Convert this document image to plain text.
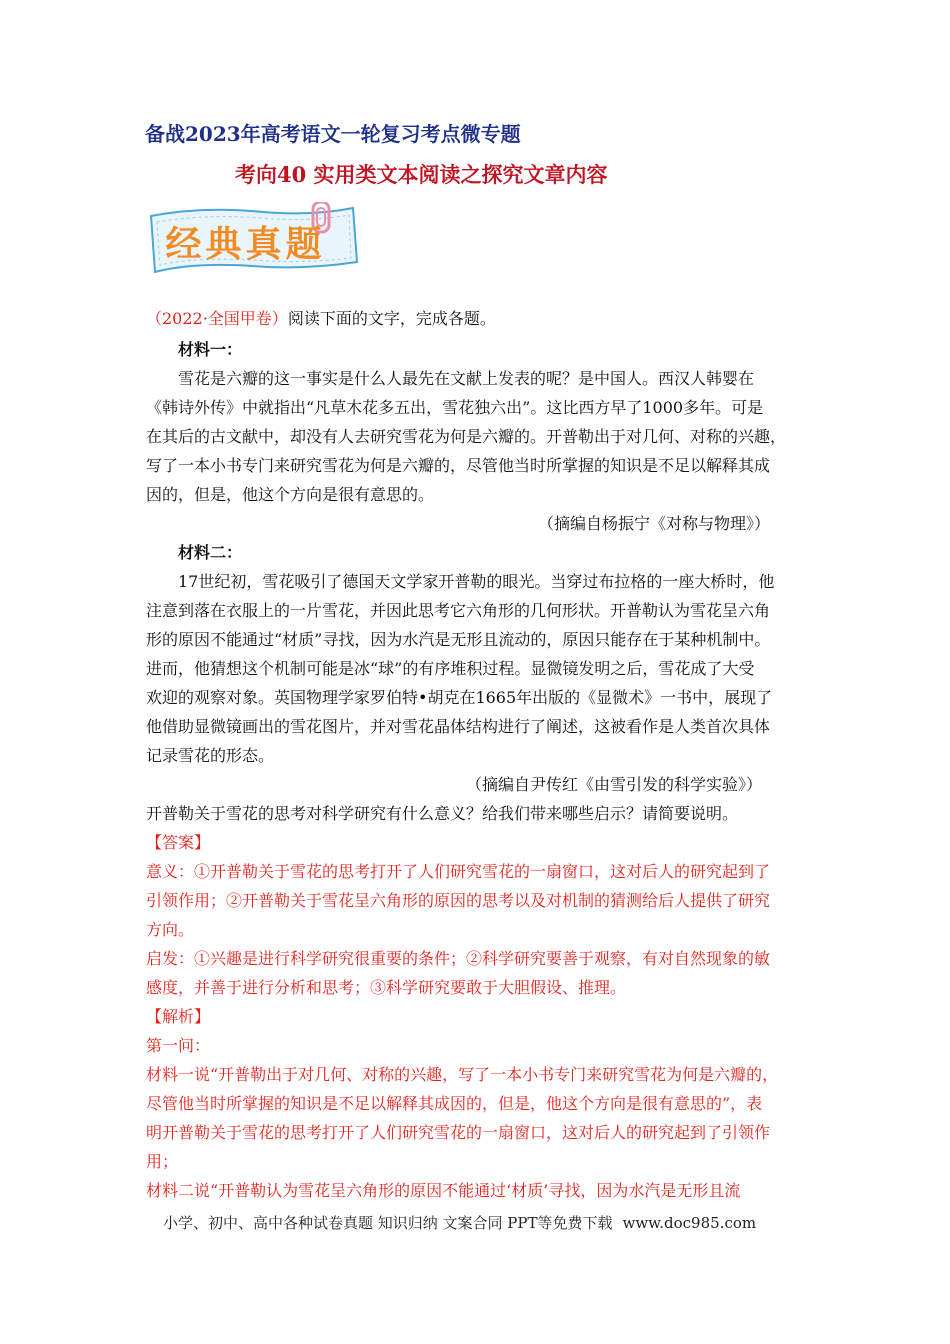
备战2023年高考语文一轮复习考点微专题
考向40 实用类文本阅读之探究文章内容
经典真题
（2022·全国甲卷）阅读下面的文字，完成各题。
材料一：
雪花是六瓣的这一事实是什么人最先在文献上发表的呢？是中国人。西汉人韩婴在
《韩诗外传》中就指出“凡草木花多五出，雪花独六出”。这比西方早了1000多年。可是
在其后的古文献中，却没有人去研究雪花为何是六瓣的。开普勒出于对几何、对称的兴趣，
写了一本小书专门来研究雪花为何是六瓣的，尽管他当时所掌握的知识是不足以解释其成
因的，但是，他这个方向是很有意思的。
（摘编自杨振宁《对称与物理》）
材料二：
17世纪初，雪花吸引了德国天文学家开普勒的眼光。当穿过布拉格的一座大桥时，他
注意到落在衣服上的一片雪花，并因此思考它六角形的几何形状。开普勒认为雪花呈六角
形的原因不能通过“材质”寻找，因为水汽是无形且流动的，原因只能存在于某种机制中。
进而，他猜想这个机制可能是冰“球”的有序堆积过程。显微镜发明之后，雪花成了大受
欢迎的观察对象。英国物理学家罗伯特•胡克在1665年出版的《显微术》一书中，展现了
他借助显微镜画出的雪花图片，并对雪花晶体结构进行了阐述，这被看作是人类首次具体
记录雪花的形态。
（摘编自尹传红《由雪引发的科学实验》）
开普勒关于雪花的思考对科学研究有什么意义？给我们带来哪些启示？请简要说明。
【答案】
意义：①开普勒关于雪花的思考打开了人们研究雪花的一扇窗口，这对后人的研究起到了
引领作用；②开普勒关于雪花呈六角形的原因的思考以及对机制的猜测给后人提供了研究
方向。
启发：①兴趣是进行科学研究很重要的条件；②科学研究要善于观察，有对自然现象的敏
感度，并善于进行分析和思考；③科学研究要敢于大胆假设、推理。
【解析】
第一问：
材料一说“开普勒出于对几何、对称的兴趣，写了一本小书专门来研究雪花为何是六瓣的，
尽管他当时所掌握的知识是不足以解释其成因的，但是，他这个方向是很有意思的”，表
明开普勒关于雪花的思考打开了人们研究雪花的一扇窗口，这对后人的研究起到了引领作
用；
材料二说“开普勒认为雪花呈六角形的原因不能通过‘材质’寻找，因为水汽是无形且流
小学、初中、高中各种试卷真题 知识归纳 文案合同 PPT等免费下载 www.doc985.com
